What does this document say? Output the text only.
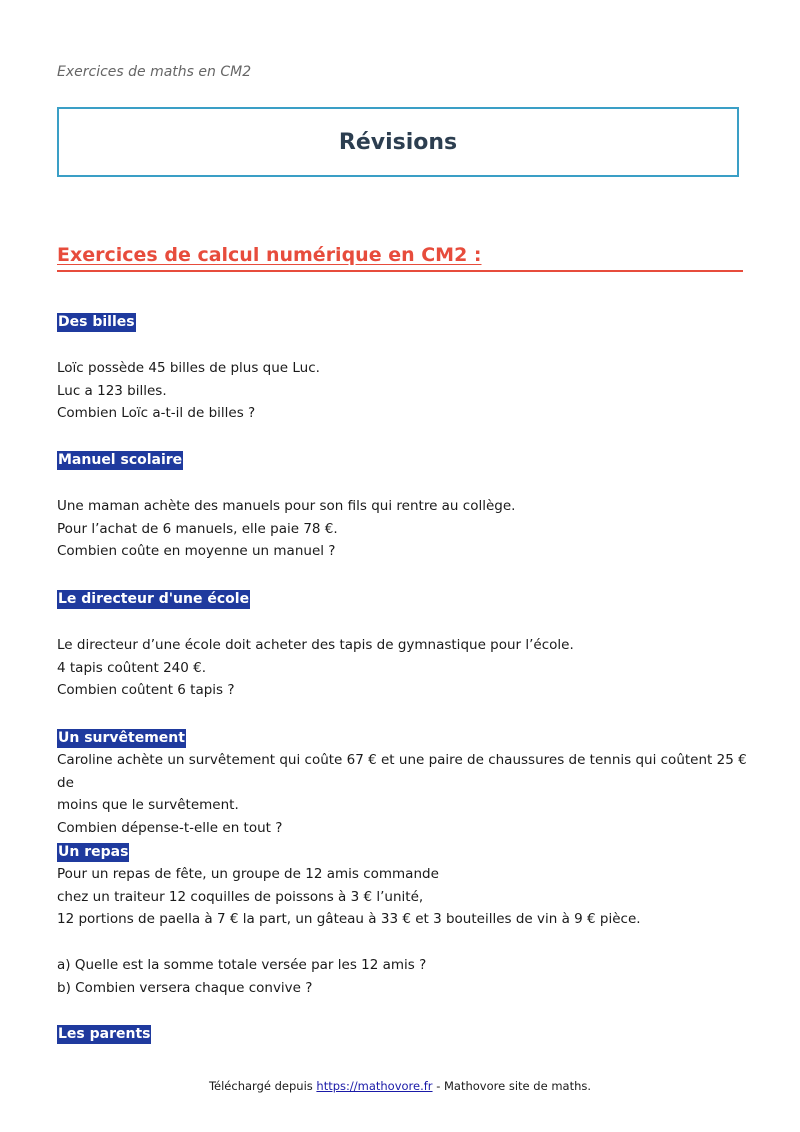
Exercices de maths en CM2
Révisions
Exercices de calcul numérique en CM2 :
Des billes
Loïc possède 45 billes de plus que Luc.
Luc a 123 billes.
Combien Loïc a-t-il de billes ?
Manuel scolaire
Une maman achète des manuels pour son fils qui rentre au collège.
Pour l’achat de 6 manuels, elle paie 78 €.
Combien coûte en moyenne un manuel ?
Le directeur d'une école
Le directeur d’une école doit acheter des tapis de gymnastique pour l’école.
4 tapis coûtent 240 €.
Combien coûtent 6 tapis ?
Un survêtement
Caroline achète un survêtement qui coûte 67 € et une paire de chaussures de tennis qui coûtent 25 € de
moins que le survêtement.
Combien dépense-t-elle en tout ?
Un repas
Pour un repas de fête, un groupe de 12 amis commande
chez un traiteur 12 coquilles de poissons à 3 € l’unité,
12 portions de paella à 7 € la part, un gâteau à 33 € et 3 bouteilles de vin à 9 € pièce.
a) Quelle est la somme totale versée par les 12 amis ?
b) Combien versera chaque convive ?
Les parents
Téléchargé depuis https://mathovore.fr - Mathovore site de maths.
